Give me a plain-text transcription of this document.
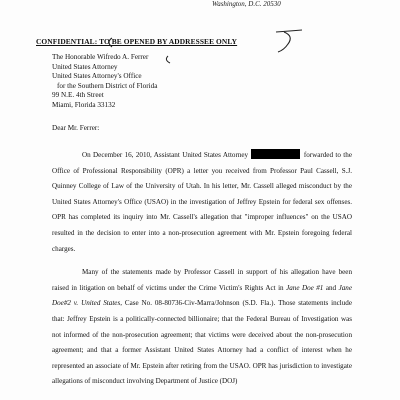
Washington, D.C. 20530
CONFIDENTIAL: TO BE OPENED BY ADDRESSEE ONLY
The Honorable Wifredo A. Ferrer
United States Attorney
United States Attorney's Office
for the Southern District of Florida
99 N.E. 4th Street
Miami, Florida 33132
Dear Mr. Ferrer:

On December 16, 2010, Assistant United States Attorney	forwarded to the Office of Professional Responsibility (OPR) a letter you received from Professor Paul Cassell, S.J. Quinney College of Law of the University of Utah. In his letter, Mr. Cassell alleged misconduct by the United States Attorney's Office (USAO) in the investigation of Jeffrey Epstein for federal sex offenses. OPR has completed its inquiry into Mr. Cassell's allegation that "improper influences" on the USAO resulted in the decision to enter into a non-prosecution agreement with Mr. Epstein foregoing federal charges.

Many of the statements made by Professor Cassell in support of his allegation have been raised in litigation on behalf of victims under the Crime Victim's Rights Act in Jane Doe #1 and Jane Doe#2 v. United States, Case No. 08-80736-Civ-Marra/Johnson (S.D. Fla.). Those statements include that: Jeffrey Epstein is a politically-connected billionaire; that the Federal Bureau of Investigation was not informed of the non-prosecution agreement; that victims were deceived about the non-prosecution agreement; and that a former Assistant United States Attorney had a conflict of interest when he represented an associate of Mr. Epstein after retiring from the USAO. OPR has jurisdiction to investigate allegations of misconduct involving Department of Justice (DOJ)
